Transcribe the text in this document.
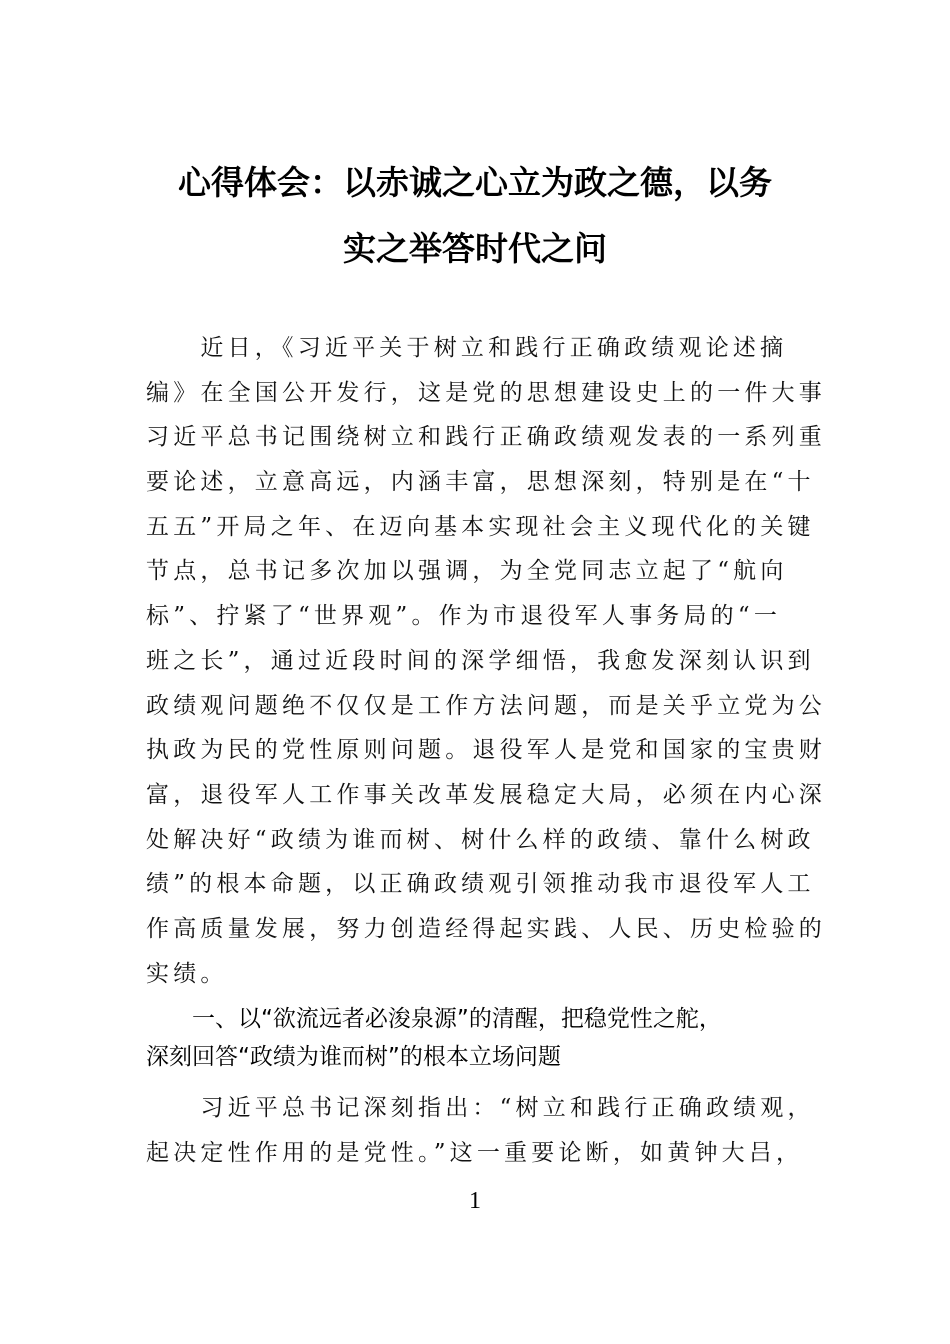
心得体会：以赤诚之心立为政之德，以务
实之举答时代之问
　　近日，《习近平关于树立和践行正确政绩观论述摘
编》在全国公开发行，这是党的思想建设史上的一件大事
习近平总书记围绕树立和践行正确政绩观发表的一系列重
要论述，立意高远，内涵丰富，思想深刻，特别是在“十
五五”开局之年、在迈向基本实现社会主义现代化的关键
节点，总书记多次加以强调，为全党同志立起了“航向
标”、拧紧了“世界观”。作为市退役军人事务局的“一
班之长”，通过近段时间的深学细悟，我愈发深刻认识到
政绩观问题绝不仅仅是工作方法问题，而是关乎立党为公
执政为民的党性原则问题。退役军人是党和国家的宝贵财
富，退役军人工作事关改革发展稳定大局，必须在内心深
处解决好“政绩为谁而树、树什么样的政绩、靠什么树政
绩”的根本命题，以正确政绩观引领推动我市退役军人工
作高质量发展，努力创造经得起实践、人民、历史检验的
实绩。
　　一、以“欲流远者必浚泉源”的清醒，把稳党性之舵，
深刻回答“政绩为谁而树”的根本立场问题
　　习近平总书记深刻指出：“树立和践行正确政绩观，
起决定性作用的是党性。”这一重要论断，如黄钟大吕，
1
